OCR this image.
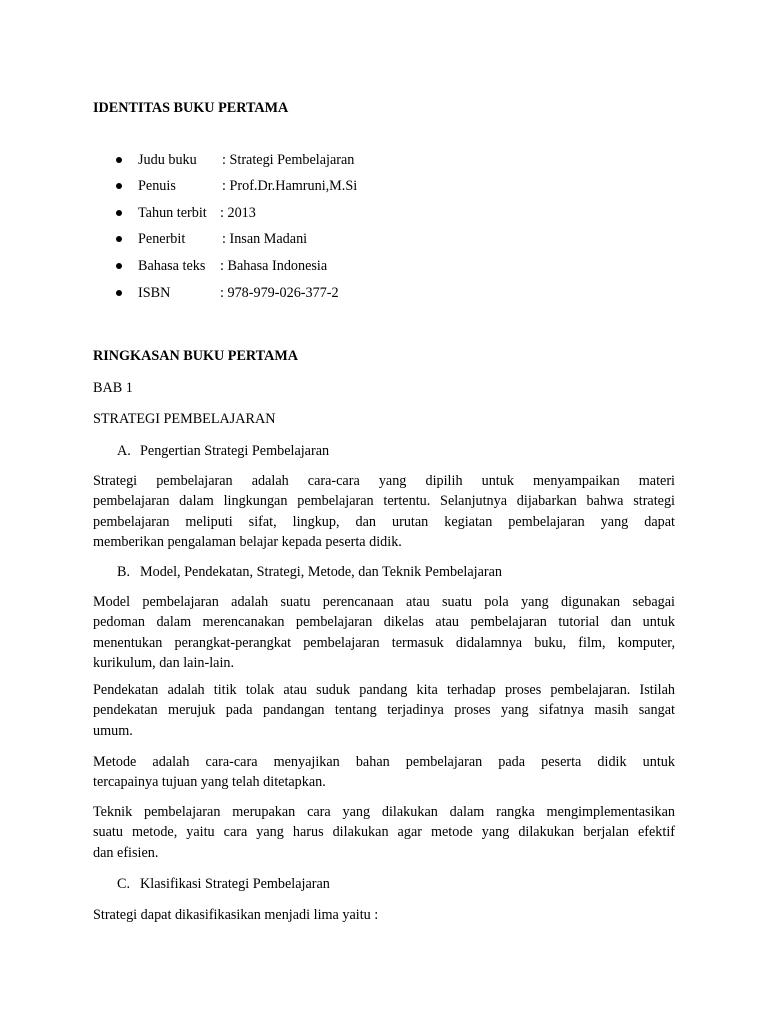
IDENTITAS BUKU PERTAMA
Judu buku : Strategi Pembelajaran
Penuis	: Prof.Dr.Hamruni,M.Si
Tahun terbit : 2013
Penerbit	: Insan Madani
Bahasa teks : Bahasa Indonesia
ISBN	: 978-979-026-377-2
RINGKASAN BUKU PERTAMA
BAB 1
STRATEGI PEMBELAJARAN
A. Pengertian Strategi Pembelajaran
Strategi pembelajaran adalah cara-cara yang dipilih untuk menyampaikan materi
pembelajaran dalam lingkungan pembelajaran tertentu. Selanjutnya dijabarkan bahwa strategi
pembelajaran meliputi sifat, lingkup, dan urutan kegiatan pembelajaran yang dapat
memberikan pengalaman belajar kepada peserta didik.
B. Model, Pendekatan, Strategi, Metode, dan Teknik Pembelajaran
Model pembelajaran adalah suatu perencanaan atau suatu pola yang digunakan sebagai
pedoman dalam merencanakan pembelajaran dikelas atau pembelajaran tutorial dan untuk
menentukan perangkat-perangkat pembelajaran termasuk didalamnya buku, film, komputer,
kurikulum, dan lain-lain.
Pendekatan adalah titik tolak atau suduk pandang kita terhadap proses pembelajaran. Istilah
pendekatan merujuk pada pandangan tentang terjadinya proses yang sifatnya masih sangat
umum.
Metode adalah cara-cara menyajikan bahan pembelajaran pada peserta didik untuk
tercapainya tujuan yang telah ditetapkan.
Teknik pembelajaran merupakan cara yang dilakukan dalam rangka mengimplementasikan
suatu metode, yaitu cara yang harus dilakukan agar metode yang dilakukan berjalan efektif
dan efisien.
C. Klasifikasi Strategi Pembelajaran
Strategi dapat dikasifikasikan menjadi lima yaitu :
